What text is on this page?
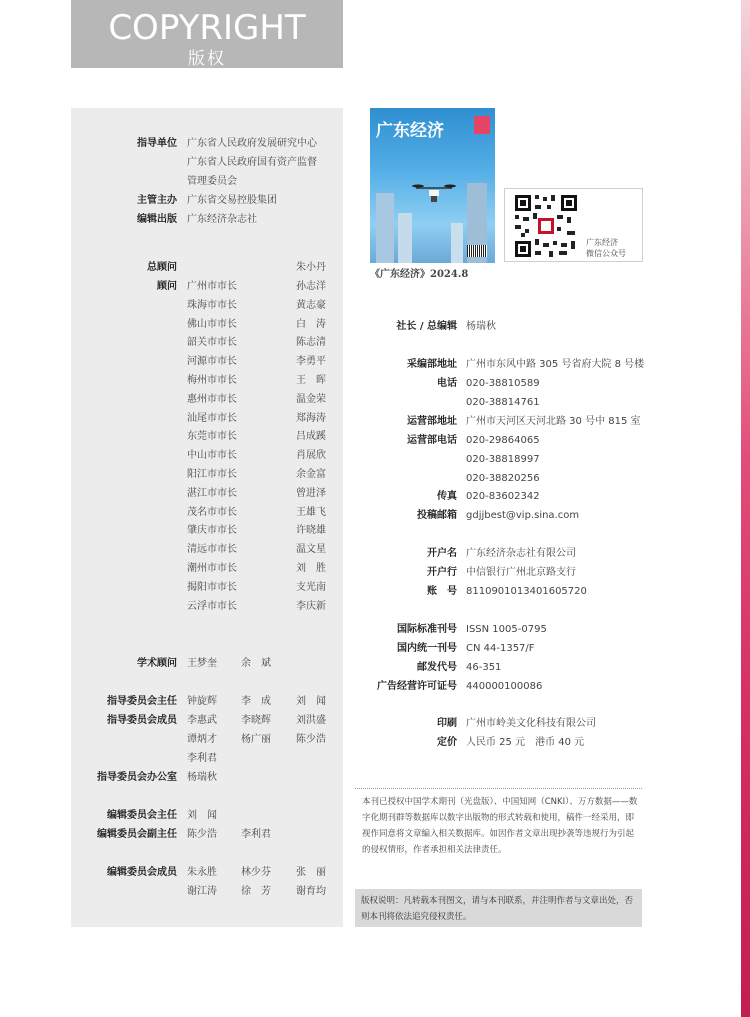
COPYRIGHT
版权
指导单位 广东省人民政府发展研究中心
广东省人民政府国有资产监督
管理委员会
主管主办 广东省交易控股集团
编辑出版 广东经济杂志社
总顾问	朱小丹
顾问 广州市市长	孙志洋
珠海市市长	黄志豪
佛山市市长	白　涛
韶关市市长	陈志清
河源市市长	李勇平
梅州市市长	王　晖
惠州市市长	温金荣
汕尾市市长	郑海涛
东莞市市长	吕成蹊
中山市市长	肖展欣
阳江市市长	余金富
湛江市市长	曾进泽
茂名市市长	王雄飞
肇庆市市长	许晓雄
清远市市长	温文星
潮州市市长	刘　胜
揭阳市市长	支光南
云浮市市长	李庆新
学术顾问 王梦奎 余　斌
指导委员会主任 钟旋辉 李　成	刘　闻
指导委员会成员 李惠武 李晓辉	刘洪盛
谭炳才 杨广丽	陈少浩
李利君
指导委员会办公室 杨瑞秋
编辑委员会主任 刘　闻
编辑委员会副主任 陈少浩 李利君
编辑委员会成员 朱永胜 林少芬	张　丽
谢江涛 徐　芳	谢育均
广东经济
《广东经济》2024.8
广东经济
微信公众号
社长 / 总编辑 杨瑞秋
采编部地址 广州市东风中路 305 号省府大院 8 号楼
电话 020-38810589
020-38814761
运营部地址 广州市天河区天河北路 30 号中 815 室
运营部电话 020-29864065
020-38818997
020-38820256
传真 020-83602342
投稿邮箱 gdjjbest@vip.sina.com
开户名 广东经济杂志社有限公司
开户行 中信银行广州北京路支行
账　号 8110901013401605720
国际标准刊号 ISSN 1005-0795
国内统一刊号 CN 44-1357/F
邮发代号 46-351
广告经营许可证号 440000100086
印刷 广州市岭美文化科技有限公司
定价 人民币 25 元　港币 40 元

本刊已授权中国学术期刊（光盘版）、中国知网（CNKI）、万方数据——数字化期刊群等数据库以数字出版物的形式转载和使用，稿件一经采用，即视作同意将文章编入相关数据库。如因作者文章出现抄袭等违规行为引起的侵权情形，作者承担相关法律责任。

版权说明：凡转载本刊图文，请与本刊联系，并注明作者与文章出处，否则本刊将依法追究侵权责任。
